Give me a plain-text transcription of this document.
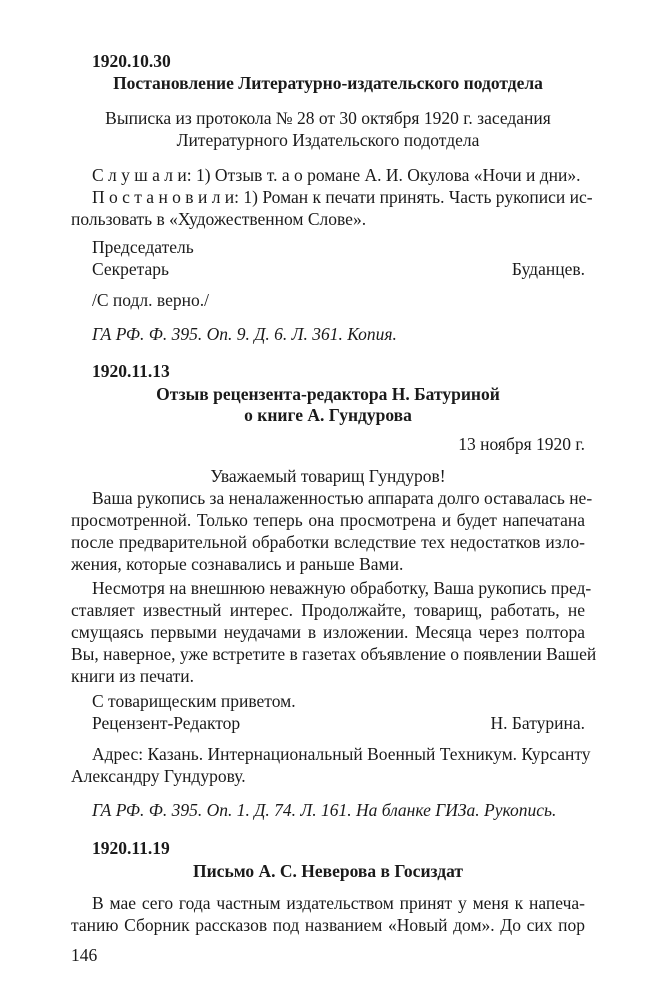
1920.10.30
Постановление Литературно-издательского подотдела
Выписка из протокола № 28 от 30 октября 1920 г. заседания
Литературного Издательского подотдела
С л у ш а л и: 1) Отзыв т. а о романе А. И. Окулова «Ночи и дни».
П о с т а н о в и л и: 1) Роман к печати принять. Часть рукописи ис-
пользовать в «Художественном Слове».
Председатель
Секретарь	Буданцев.
/С подл. верно./
ГА РФ. Ф. 395. Оп. 9. Д. 6. Л. 361. Копия.
1920.11.13
Отзыв рецензента-редактора Н. Батуриной
о книге А. Гундурова
13 ноября 1920 г.
Уважаемый товарищ Гундуров!
Ваша рукопись за неналаженностью аппарата долго оставалась не-
просмотренной. Только теперь она просмотрена и будет напечатана
после предварительной обработки вследствие тех недостатков изло-
жения, которые сознавались и раньше Вами.
Несмотря на внешнюю неважную обработку, Ваша рукопись пред-
ставляет известный интерес. Продолжайте, товарищ, работать, не
смущаясь первыми неудачами в изложении. Месяца через полтора
Вы, наверное, уже встретите в газетах объявление о появлении Вашей
книги из печати.
С товарищеским приветом.
Рецензент-Редактор	Н. Батурина.
Адрес: Казань. Интернациональный Военный Техникум. Курсанту
Александру Гундурову.
ГА РФ. Ф. 395. Оп. 1. Д. 74. Л. 161. На бланке ГИЗа. Рукопись.
1920.11.19
Письмо А. С. Неверова в Госиздат
В мае сего года частным издательством принят у меня к напеча-
танию Сборник рассказов под названием «Новый дом». До сих пор
146
